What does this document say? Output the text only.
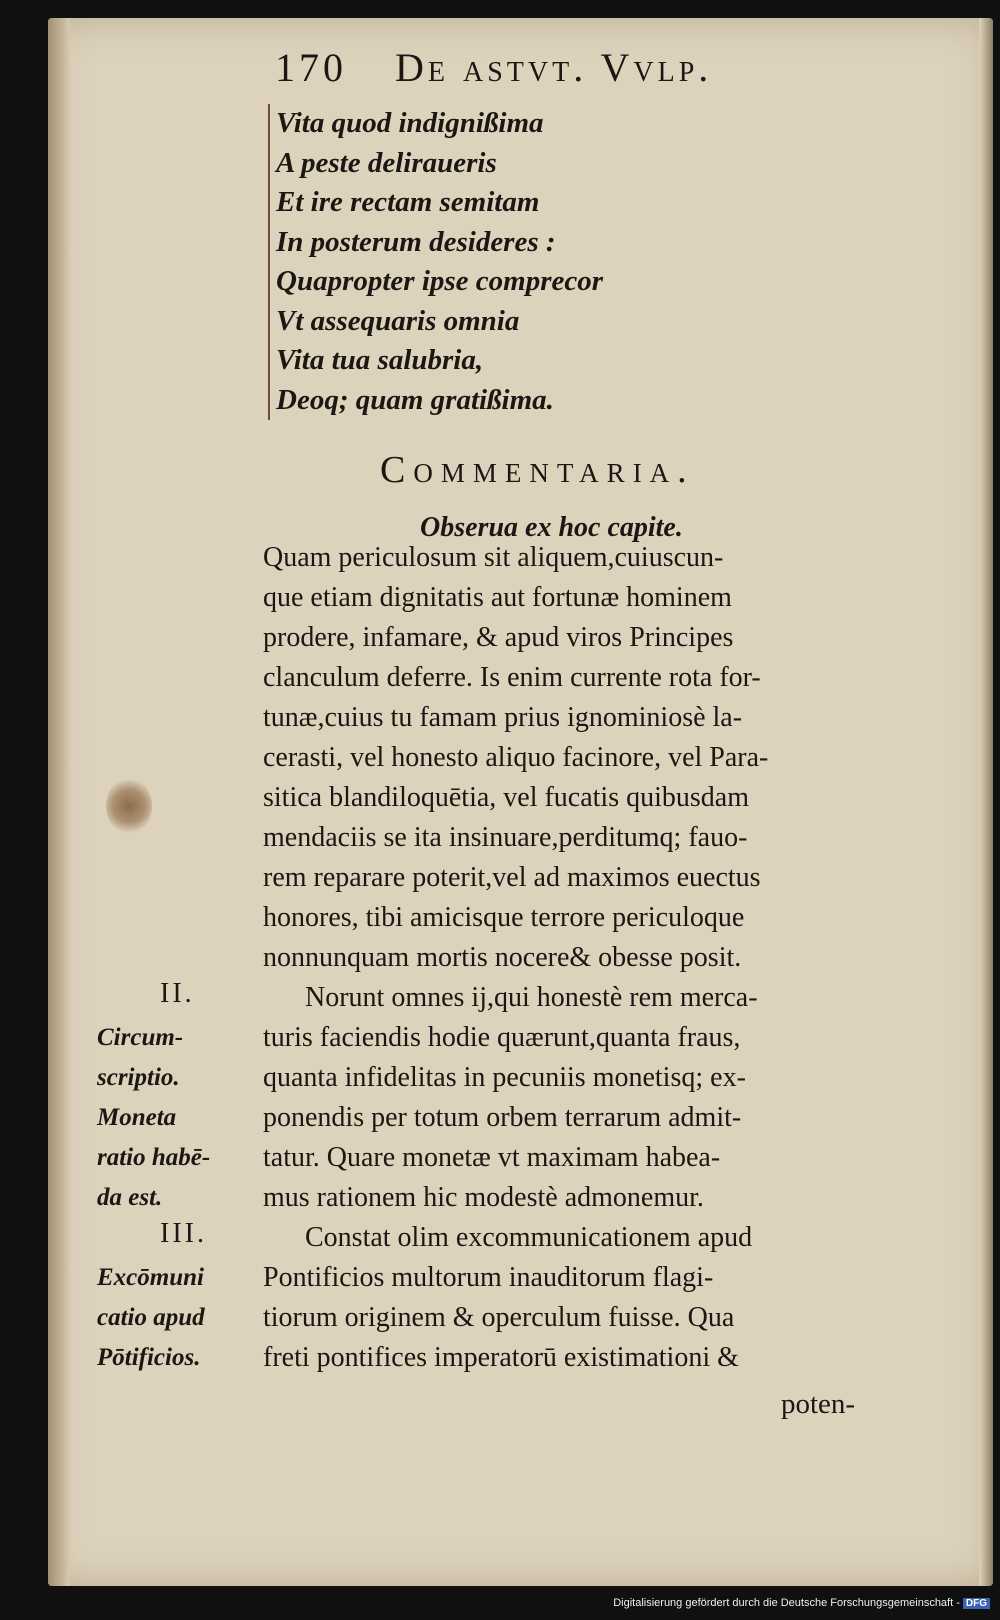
170 De astvt. Vvlp.
Vita quod indignißima
A peste deliraueris
Et ire rectam semitam
In posterum desideres :
Quapropter ipse comprecor
Vt assequaris omnia
Vita tua salubria,
Deoq; quam gratißima.
Commentaria.
Obserua ex hoc capite.
Quam periculosum sit aliquem,cuiuscun-
que etiam dignitatis aut fortunæ hominem
prodere, infamare, & apud viros Principes
clanculum deferre. Is enim currente rota for-
tunæ,cuius tu famam prius ignominiosè la-
cerasti, vel honesto aliquo facinore, vel Para-
sitica blandiloquētia, vel fucatis quibusdam
mendaciis se ita insinuare,perditumq; fauo-
rem reparare poterit,vel ad maximos euectus
honores, tibi amicisque terrore periculoque
nonnunquam mortis nocere& obesse posit.
Norunt omnes ij,qui honestè rem merca-
turis faciendis hodie quærunt,quanta fraus,
quanta infidelitas in pecuniis monetisq; ex-
ponendis per totum orbem terrarum admit-
tatur. Quare monetæ vt maximam habea-
mus rationem hic modestè admonemur.
Constat olim excommunicationem apud
Pontificios multorum inauditorum flagi-
tiorum originem & operculum fuisse. Qua
freti pontifices imperatorū existimationi &
poten-
II.
Circum-
scriptio.
Moneta
ratio habē-
da est.
III.
Excōmuni
catio apud
Pōtificios.
Digitalisierung gefördert durch die Deutsche Forschungsgemeinschaft - DFG
